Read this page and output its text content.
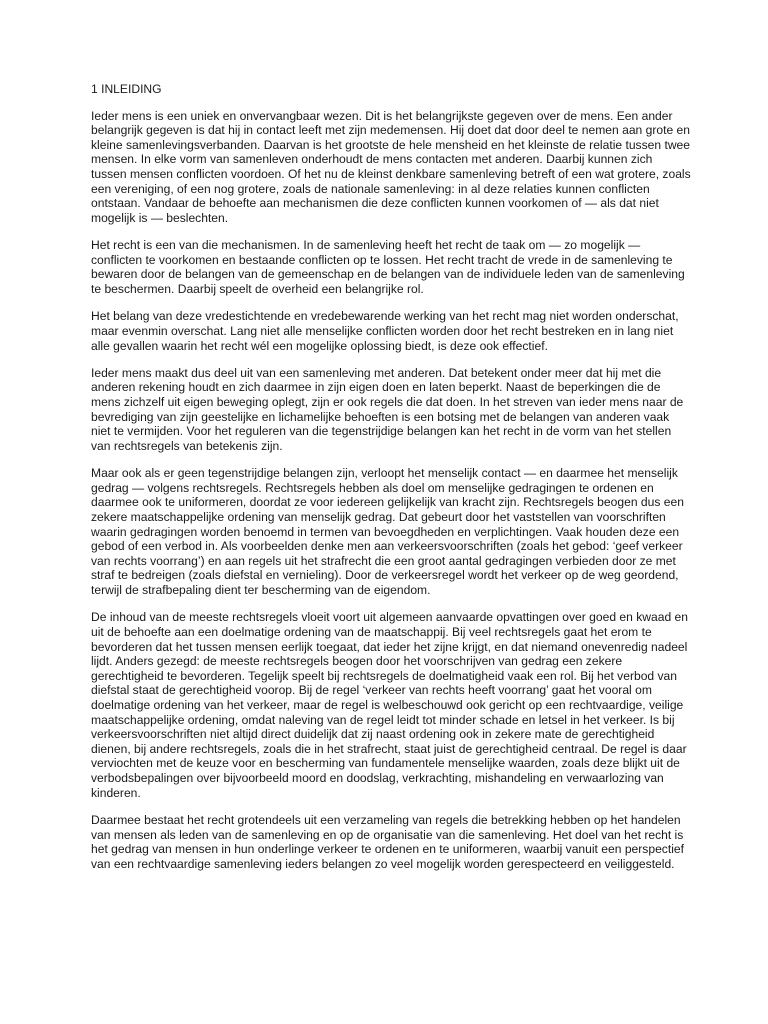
1 INLEIDING

Ieder mens is een uniek en onvervangbaar wezen. Dit is het belangrijkste gegeven over de mens. Een ander belangrijk gegeven is dat hij in contact leeft met zijn medemensen. Hij doet dat door deel te nemen aan grote en kleine samenlevingsverbanden. Daarvan is het grootste de hele mensheid en het kleinste de relatie tussen twee mensen. In elke vorm van samenleven onderhoudt de mens contacten met anderen. Daarbij kunnen zich tussen mensen conflicten voordoen. Of het nu de kleinst denkbare samenleving betreft of een wat grotere, zoals een vereniging, of een nog grotere, zoals de nationale samenleving: in al deze relaties kunnen conflicten ontstaan. Vandaar de behoefte aan mechanismen die deze conflicten kunnen voorkomen of — als dat niet mogelijk is — beslechten.

Het recht is een van die mechanismen. In de samenleving heeft het recht de taak om — zo mogelijk — conflicten te voorkomen en bestaande conflicten op te lossen. Het recht tracht de vrede in de samenleving te bewaren door de belangen van de gemeenschap en de belangen van de individuele leden van de samenleving te beschermen. Daarbij speelt de overheid een belangrijke rol.

Het belang van deze vredestichtende en vredebewarende werking van het recht mag niet worden onderschat, maar evenmin overschat. Lang niet alle menselijke conflicten worden door het recht bestreken en in lang niet alle gevallen waarin het recht wél een mogelijke oplossing biedt, is deze ook effectief.

Ieder mens maakt dus deel uit van een samenleving met anderen. Dat betekent onder meer dat hij met die anderen rekening houdt en zich daarmee in zijn eigen doen en laten beperkt. Naast de beperkingen die de mens zichzelf uit eigen beweging oplegt, zijn er ook regels die dat doen. In het streven van ieder mens naar de bevrediging van zijn geestelijke en lichamelijke behoeften is een botsing met de belangen van anderen vaak niet te vermijden. Voor het reguleren van die tegenstrijdige belangen kan het recht in de vorm van het stellen van rechtsregels van betekenis zijn.

Maar ook als er geen tegenstrijdige belangen zijn, verloopt het menselijk contact — en daarmee het menselijk gedrag — volgens rechtsregels. Rechtsregels hebben als doel om menselijke gedragingen te ordenen en daarmee ook te uniformeren, doordat ze voor iedereen gelijkelijk van kracht zijn. Rechtsregels beogen dus een zekere maatschappelijke ordening van menselijk gedrag. Dat gebeurt door het vaststellen van voorschriften waarin gedragingen worden benoemd in termen van bevoegdheden en verplichtingen. Vaak houden deze een gebod of een verbod in. Als voorbeelden denke men aan verkeersvoorschriften (zoals het gebod: ‘geef verkeer van rechts voorrang’) en aan regels uit het strafrecht die een groot aantal gedragingen verbieden door ze met straf te bedreigen (zoals diefstal en vernieling). Door de verkeersregel wordt het verkeer op de weg geordend, terwijl de strafbepaling dient ter bescherming van de eigendom.

De inhoud van de meeste rechtsregels vloeit voort uit algemeen aanvaarde opvattingen over goed en kwaad en uit de behoefte aan een doelmatige ordening van de maatschappij. Bij veel rechtsregels gaat het erom te bevorderen dat het tussen mensen eerlijk toegaat, dat ieder het zijne krijgt, en dat niemand onevenredig nadeel lijdt. Anders gezegd: de meeste rechtsregels beogen door het voorschrijven van gedrag een zekere gerechtigheid te bevorderen. Tegelijk speelt bij rechtsregels de doelmatigheid vaak een rol. Bij het verbod van diefstal staat de gerechtigheid voorop. Bij de regel ‘verkeer van rechts heeft voorrang’ gaat het vooral om doelmatige ordening van het verkeer, maar de regel is welbeschouwd ook gericht op een rechtvaardige, veilige maatschappelijke ordening, omdat naleving van de regel leidt tot minder schade en letsel in het verkeer. Is bij verkeersvoorschriften niet altijd direct duidelijk dat zij naast ordening ook in zekere mate de gerechtigheid dienen, bij andere rechtsregels, zoals die in het strafrecht, staat juist de gerechtigheid centraal. De regel is daar verviochten met de keuze voor en bescherming van fundamentele menselijke waarden, zoals deze blijkt uit de verbodsbepalingen over bijvoorbeeld moord en doodslag, verkrachting, mishandeling en verwaarlozing van kinderen.

Daarmee bestaat het recht grotendeels uit een verzameling van regels die betrekking hebben op het handelen van mensen als leden van de samenleving en op de organisatie van die samenleving. Het doel van het recht is het gedrag van mensen in hun onderlinge verkeer te ordenen en te uniformeren, waarbij vanuit een perspectief van een rechtvaardige samenleving ieders belangen zo veel mogelijk worden gerespecteerd en veiliggesteld.
